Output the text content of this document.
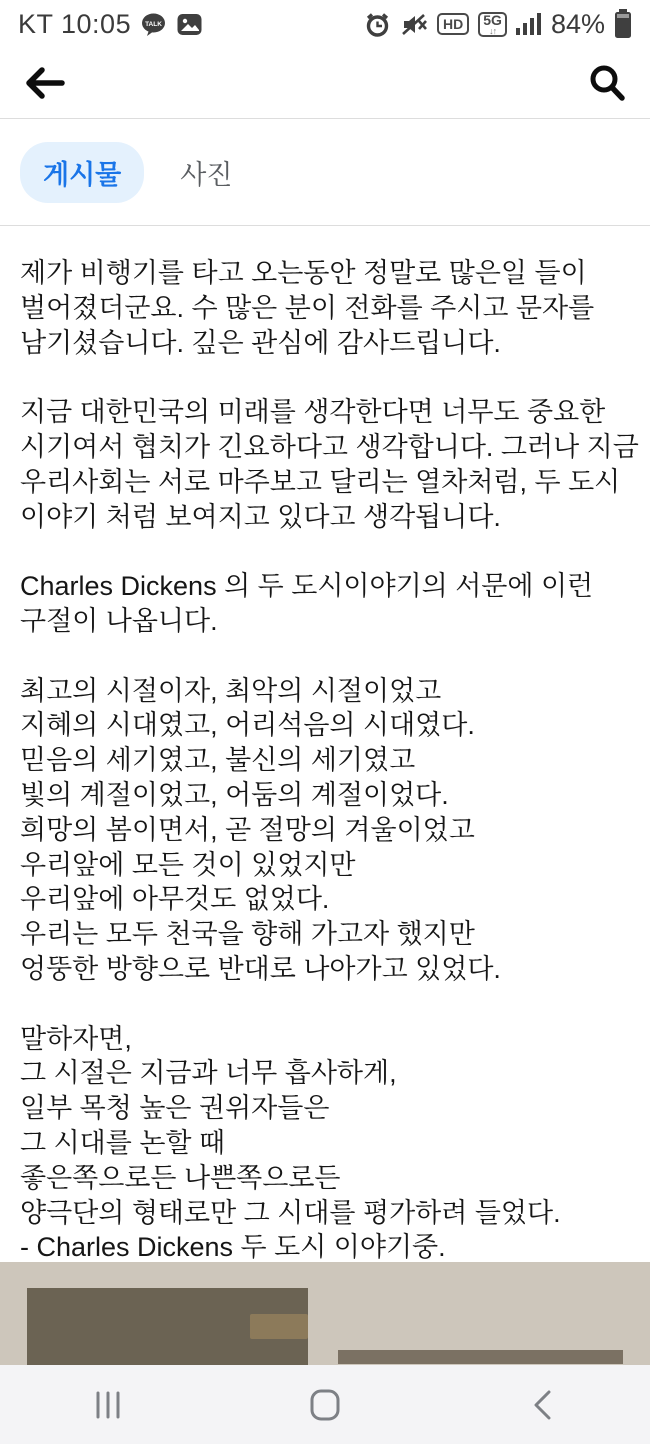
KT 10:05 TALK	HD	5G
↓↑ 84%
게시물	사진

제가 비행기를 타고 오는동안 정말로 많은일 들이
벌어졌더군요. 수 많은 분이 전화를 주시고 문자를
남기셨습니다. 깊은 관심에 감사드립니다.

지금 대한민국의 미래를 생각한다면 너무도 중요한
시기여서 협치가 긴요하다고 생각합니다. 그러나 지금
우리사회는 서로 마주보고 달리는 열차처럼, 두 도시
이야기 처럼 보여지고 있다고 생각됩니다.

Charles Dickens 의 두 도시이야기의 서문에 이런
구절이 나옵니다.

최고의 시절이자, 최악의 시절이었고
지혜의 시대였고, 어리석음의 시대였다.
믿음의 세기였고, 불신의 세기였고
빛의 계절이었고, 어둠의 계절이었다.
희망의 봄이면서, 곧 절망의 겨울이었고
우리앞에 모든 것이 있었지만
우리앞에 아무것도 없었다.
우리는 모두 천국을 향해 가고자 했지만
엉뚱한 방향으로 반대로 나아가고 있었다.

말하자면,
그 시절은 지금과 너무 흡사하게,
일부 목청 높은 권위자들은
그 시대를 논할 때
좋은쪽으로든 나쁜쪽으로든
양극단의 형태로만 그 시대를 평가하려 들었다.
- Charles Dickens 두 도시 이야기중.
